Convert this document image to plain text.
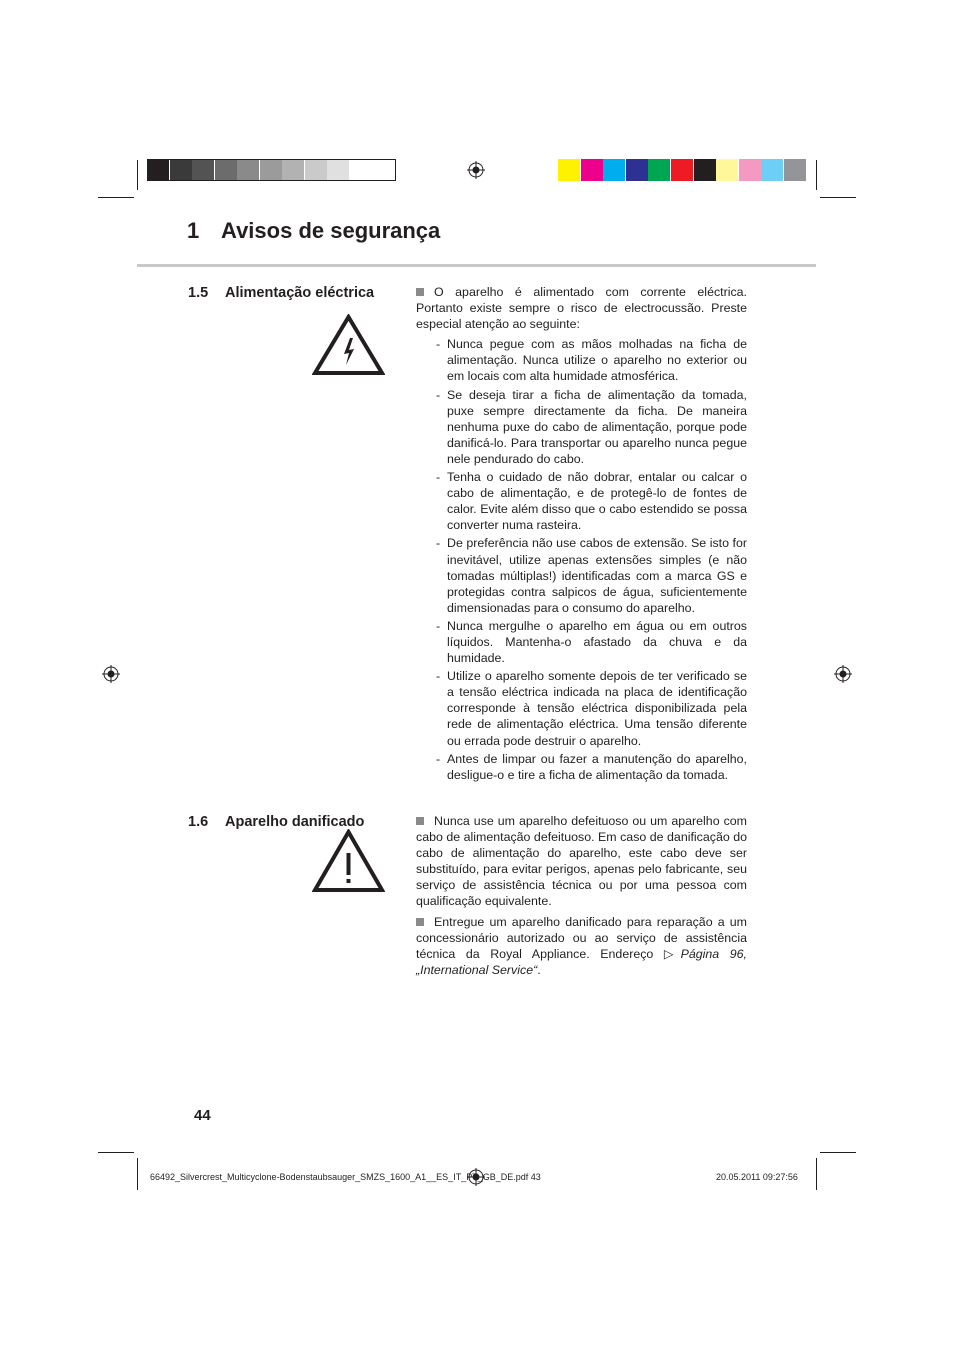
1 Avisos de segurança
1.5 Alimentação eléctrica	O aparelho é alimentado com corrente eléctrica. Portanto existe sempre o risco de electrocussão. Preste especial atenção ao seguinte:

- Nunca pegue com as mãos molhadas na ficha de alimentação. Nunca utilize o aparelho no exterior ou em locais com alta humidade atmosférica.

- Se deseja tirar a ficha de alimentação da tomada, puxe sempre directamente da ficha. De maneira nenhuma puxe do cabo de alimentação, porque pode danificá-lo. Para transportar ou aparelho nunca pegue nele pendurado do cabo.

- Tenha o cuidado de não dobrar, entalar ou calcar o cabo de alimentação, e de protegê-lo de fontes de calor. Evite além disso que o cabo estendido se possa converter numa rasteira.

- De preferência não use cabos de extensão. Se isto for inevitável, utilize apenas extensões simples (e não tomadas múltiplas!) identificadas com a marca GS e protegidas contra salpicos de água, suficientemente dimensionadas para o consumo do aparelho.

- Nunca mergulhe o aparelho em água ou em outros líquidos. Mantenha-o afastado da chuva e da humidade.

- Utilize o aparelho somente depois de ter verificado se a tensão eléctrica indicada na placa de identificação corresponde à tensão eléctrica disponibilizada pela rede de alimentação eléctrica. Uma tensão diferente ou errada pode destruir o aparelho.

- Antes de limpar ou fazer a manutenção do aparelho, desligue-o e tire a ficha de alimentação da tomada.

1.6 Aparelho danificado	Nunca use um aparelho defeituoso ou um aparelho com cabo de alimentação defeituoso. Em caso de danificação do cabo de alimentação do aparelho, este cabo deve ser substituído, para evitar perigos, apenas pelo fabricante, seu serviço de assistência técnica ou por uma pessoa com qualificação equivalente.

Entregue um aparelho danificado para reparação a um concessionário autorizado ou ao serviço de assistência técnica da Royal Appliance. Endereço ▷Página 96, „International Service“.

44
66492_Silvercrest_Multicyclone-Bodenstaubsauger_SMZS_1600_A1__ES_IT_PT_GB_DE.pdf 43	20.05.2011 09:27:56
